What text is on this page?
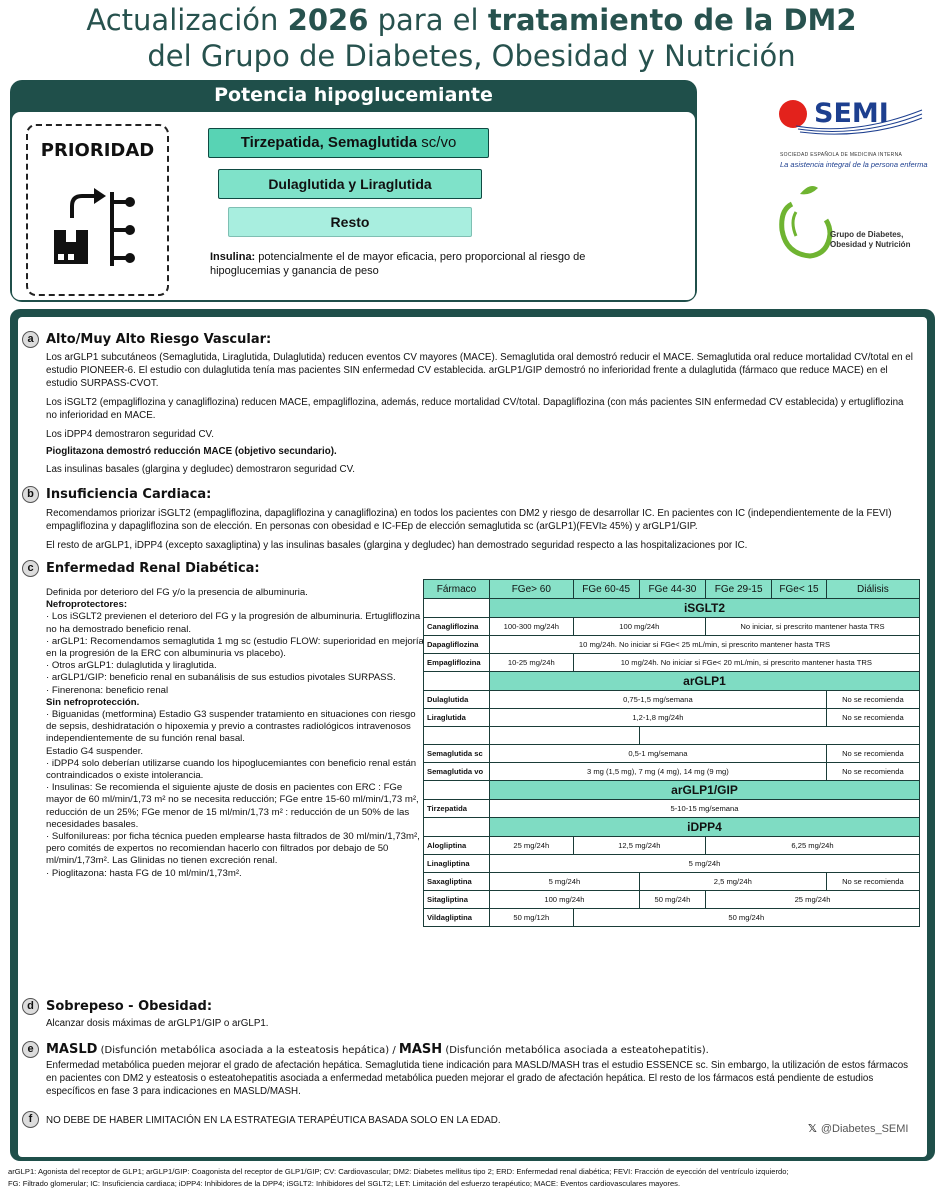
Actualización 2026 para el tratamiento de la DM2
del Grupo de Diabetes, Obesidad y Nutrición
Potencia hipoglucemiante
PRIORIDAD	Tirzepatida, Semaglutida sc/vo
Dulaglutida y Liraglutida
Resto
Insulina: potencialmente el de mayor eficacia, pero proporcional al riesgo de hipoglucemias y ganancia de peso
SEMI
SOCIEDAD ESPAÑOLA DE MEDICINA INTERNA
La asistencia integral de la persona enferma
Grupo de Diabetes,
Obesidad y Nutrición
a Alto/Muy Alto Riesgo Vascular:
Los arGLP1 subcutáneos (Semaglutida, Liraglutida, Dulaglutida) reducen eventos CV mayores (MACE). Semaglutida oral demostró reducir el MACE. Semaglutida oral reduce mortalidad CV/total en el estudio PIONEER-6. El estudio con dulaglutida tenía mas pacientes SIN enfermedad CV establecida. arGLP1/GIP demostró no inferioridad frente a dulaglutida (fármaco que reduce MACE) en el estudio SURPASS-CVOT.
Los iSGLT2 (empagliflozina y canagliflozina) reducen MACE, empagliflozina, además, reduce mortalidad CV/total. Dapagliflozina (con más pacientes SIN enfermedad CV establecida) y ertugliflozina no inferioridad en MACE.
Los iDPP4 demostraron seguridad CV.
Pioglitazona demostró reducción MACE (objetivo secundario).
Las insulinas basales (glargina y degludec) demostraron seguridad CV.
b Insuficiencia Cardiaca:
Recomendamos priorizar iSGLT2 (empagliflozina, dapagliflozina y canagliflozina) en todos los pacientes con DM2 y riesgo de desarrollar IC. En pacientes con IC (independientemente de la FEVI) empagliflozina y dapagliflozina son de elección. En personas con obesidad e IC-FEp de elección semaglutida sc (arGLP1)(FEVI≥ 45%) y arGLP1/GIP.
El resto de arGLP1, iDPP4 (excepto saxagliptina) y las insulinas basales (glargina y degludec) han demostrado seguridad respecto a las hospitalizaciones por IC.
c Enfermedad Renal Diabética:
Definida por deterioro del FG y/o la presencia de albuminuria.
Nefroprotectores:
· Los iSGLT2 previenen el deterioro del FG y la progresión de albuminuria. Ertugliflozina no ha demostrado beneficio renal.
· arGLP1: Recomendamos semaglutida 1 mg sc (estudio FLOW: superioridad en mejoría en la progresión de la ERC con albuminuria vs placebo).
· Otros arGLP1: dulaglutida y liraglutida.
· arGLP1/GIP: beneficio renal en subanálisis de sus estudios pivotales SURPASS.
· Finerenona: beneficio renal
Sin nefroprotección.
· Biguanidas (metformina) Estadio G3 suspender tratamiento en situaciones con riesgo de sepsis, deshidratación o hipoxemia y previo a contrastes radiológicos intravenosos independientemente de su función renal basal.
Estadio G4 suspender.
· iDPP4 solo deberían utilizarse cuando los hipoglucemiantes con beneficio renal están contraindicados o existe intolerancia.
· Insulinas: Se recomienda el siguiente ajuste de dosis en pacientes con ERC : FGe mayor de 60 ml/min/1,73 m² no se necesita reducción; FGe entre 15-60 ml/min/1,73 m², reducción de un 25%; FGe menor de 15 ml/min/1,73 m² : reducción de un 50% de las necesidades basales.
· Sulfonilureas: por ficha técnica pueden emplearse hasta filtrados de 30 ml/min/1,73m², pero comités de expertos no recomiendan hacerlo con filtrados por debajo de 50 ml/min/1,73m². Las Glinidas no tienen excreción renal.
· Pioglitazona: hasta FG de 10 ml/min/1,73m².
Fármaco	FGe> 60	FGe 60-45	FGe 44-30	FGe 29-15	FGe< 15	Diálisis
	iSGLT2					
Canagliflozina	100-300 mg/24h	100 mg/24h		No iniciar, si prescrito mantener hasta TRS		
Dapagliflozina	10 mg/24h. No iniciar si FGe< 25 mL/min, si prescrito mantener hasta TRS					
Empagliflozina	10-25 mg/24h	10 mg/24h. No iniciar si FGe< 20 mL/min, si prescrito mantener hasta TRS				
	arGLP1					
Dulaglutida	0,75-1,5 mg/semana					No se recomienda
Liraglutida	1,2-1,8 mg/24h					No se recomienda

Semaglutida sc	0,5-1 mg/semana					No se recomienda
Semaglutida vo	3 mg (1,5 mg), 7 mg (4 mg), 14 mg (9 mg)					No se recomienda
	arGLP1/GIP					
Tirzepatida	5-10-15 mg/semana					
	iDPP4					
Alogliptina	25 mg/24h	12,5 mg/24h		6,25 mg/24h		
Linagliptina	5 mg/24h					
Saxagliptina	5 mg/24h		2,5 mg/24h			No se recomienda
Sitagliptina	100 mg/24h		50 mg/24h	25 mg/24h		
Vildagliptina	50 mg/12h	50 mg/24h				
d Sobrepeso - Obesidad:
Alcanzar dosis máximas de arGLP1/GIP o arGLP1.
e MASLD (Disfunción metabólica asociada a la esteatosis hepática) / MASH (Disfunción metabólica asociada a esteatohepatitis).
Enfermedad metabólica pueden mejorar el grado de afectación hepática. Semaglutida tiene indicación para MASLD/MASH tras el estudio ESSENCE sc. Sin embargo, la utilización de estos fármacos en pacientes con DM2 y esteatosis o esteatohepatitis asociada a enfermedad metabólica pueden mejorar el grado de afectación hepática. El resto de los fármacos está pendiente de estudios específicos en fase 3 para indicaciones en MASLD/MASH.
f	NO DEBE DE HABER LIMITACIÓN EN LA ESTRATEGIA TERAPÉUTICA BASADA SOLO EN LA EDAD.
𝕏 @Diabetes_SEMI
arGLP1: Agonista del receptor de GLP1; arGLP1/GIP: Coagonista del receptor de GLP1/GIP; CV: Cardiovascular; DM2: Diabetes mellitus tipo 2; ERD: Enfermedad renal diabética; FEVI: Fracción de eyección del ventrículo izquierdo;
FG: Filtrado glomerular; IC: Insuficiencia cardiaca; iDPP4: Inhibidores de la DPP4; iSGLT2: Inhibidores del SGLT2; LET: Limitación del esfuerzo terapéutico; MACE: Eventos cardiovasculares mayores.
